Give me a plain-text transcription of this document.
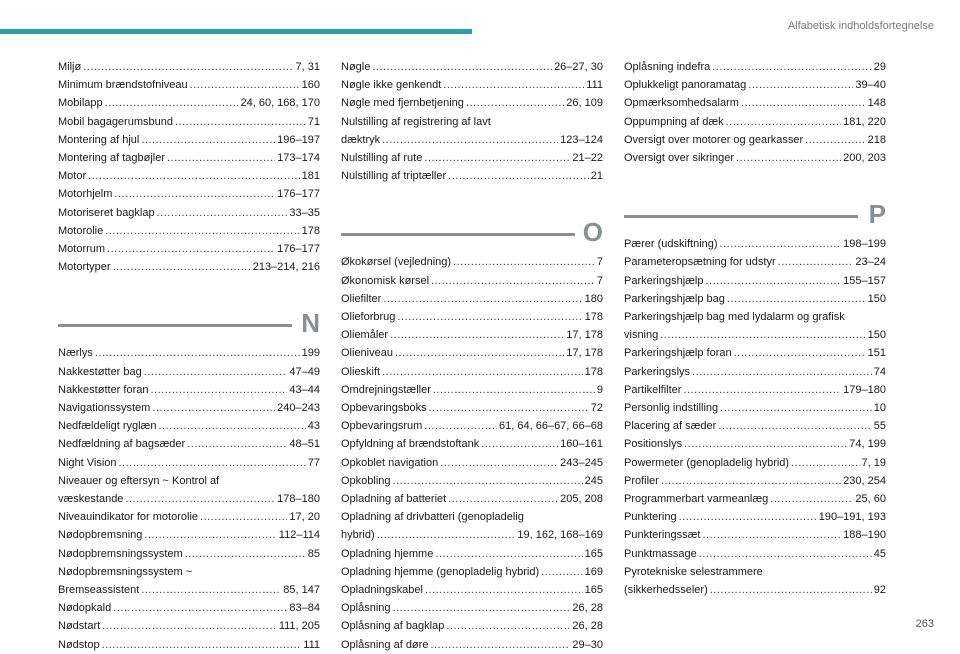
Alfabetisk indholdsfortegnelse
Miljø .....	7, 31
Minimum brændstofniveau .....	160
Mobilapp .....	24, 60, 168, 170
Mobil bagagerumsbund .....	71
Montering af hjul .....	196–197
Montering af tagbøjler .....	173–174
Motor .....	181
Motorhjelm .....	176–177
Motoriseret bagklap .....	33–35
Motorolie .....	178
Motorrum .....	176–177
Motortyper .....	213–214, 216
N
Nærlys .....	199
Nakkestøtter bag .....	47–49
Nakkestøtter foran .....	43–44
Navigationssystem .....	240–243
Nedfældeligt ryglæn .....	43
Nedfældning af bagsæder .....	48–51
Night Vision .....	77
Niveauer og eftersyn ~ Kontrol af
væskestande .....	178–180
Niveauindikator for motorolie .....	17, 20
Nødopbremsning .....	112–114
Nødopbremsningssystem .....	85
Nødopbremsningssystem ~
Bremseassistent .....	85, 147
Nødopkald .....	83–84
Nødstart .....	111, 205
Nødstop .....	111
Nøgle .....	26–27, 30
Nøgle ikke genkendt .....	111
Nøgle med fjernbetjening .....	26, 109
Nulstilling af registrering af lavt
dæktryk .....	123–124
Nulstilling af rute .....	21–22
Nulstilling af triptæller .....	21
O
Økokørsel (vejledning) .....	7
Økonomisk kørsel .....	7
Oliefilter .....	180
Olieforbrug .....	178
Oliemåler .....	17, 178
Olieniveau .....	17, 178
Olieskift .....	178
Omdrejningstæller .....	9
Opbevaringsboks .....	72
Opbevaringsrum .....	61, 64, 66–67, 66–68
Opfyldning af brændstoftank .....	160–161
Opkoblet navigation .....	243–245
Opkobling .....	245
Opladning af batteriet .....	205, 208
Opladning af drivbatteri (genopladelig
hybrid) .....	19, 162, 168–169
Opladning hjemme .....	165
Opladning hjemme (genopladelig hybrid) .....	169
Opladningskabel .....	165
Oplåsning .....	26, 28
Oplåsning af bagklap .....	26, 28
Oplåsning af døre .....	29–30
Oplåsning indefra .....	29
Oplukkeligt panoramatag .....	39–40
Opmærksomhedsalarm .....	148
Oppumpning af dæk .....	181, 220
Oversigt over motorer og gearkasser .....	218
Oversigt over sikringer .....	200, 203
P
Pærer (udskiftning) .....	198–199
Parameteropsætning for udstyr .....	23–24
Parkeringshjælp .....	155–157
Parkeringshjælp bag .....	150
Parkeringshjælp bag med lydalarm og grafisk
visning .....	150
Parkeringshjælp foran .....	151
Parkeringslys .....	74
Partikelfilter .....	179–180
Personlig indstilling .....	10
Placering af sæder .....	55
Positionslys .....	74, 199
Powermeter (genopladelig hybrid) .....	7, 19
Profiler .....	230, 254
Programmerbart varmeanlæg .....	25, 60
Punktering .....	190–191, 193
Punkteringssæt .....	188–190
Punktmassage .....	45
Pyrotekniske selestrammere
(sikkerhedsseler) .....	92
263
